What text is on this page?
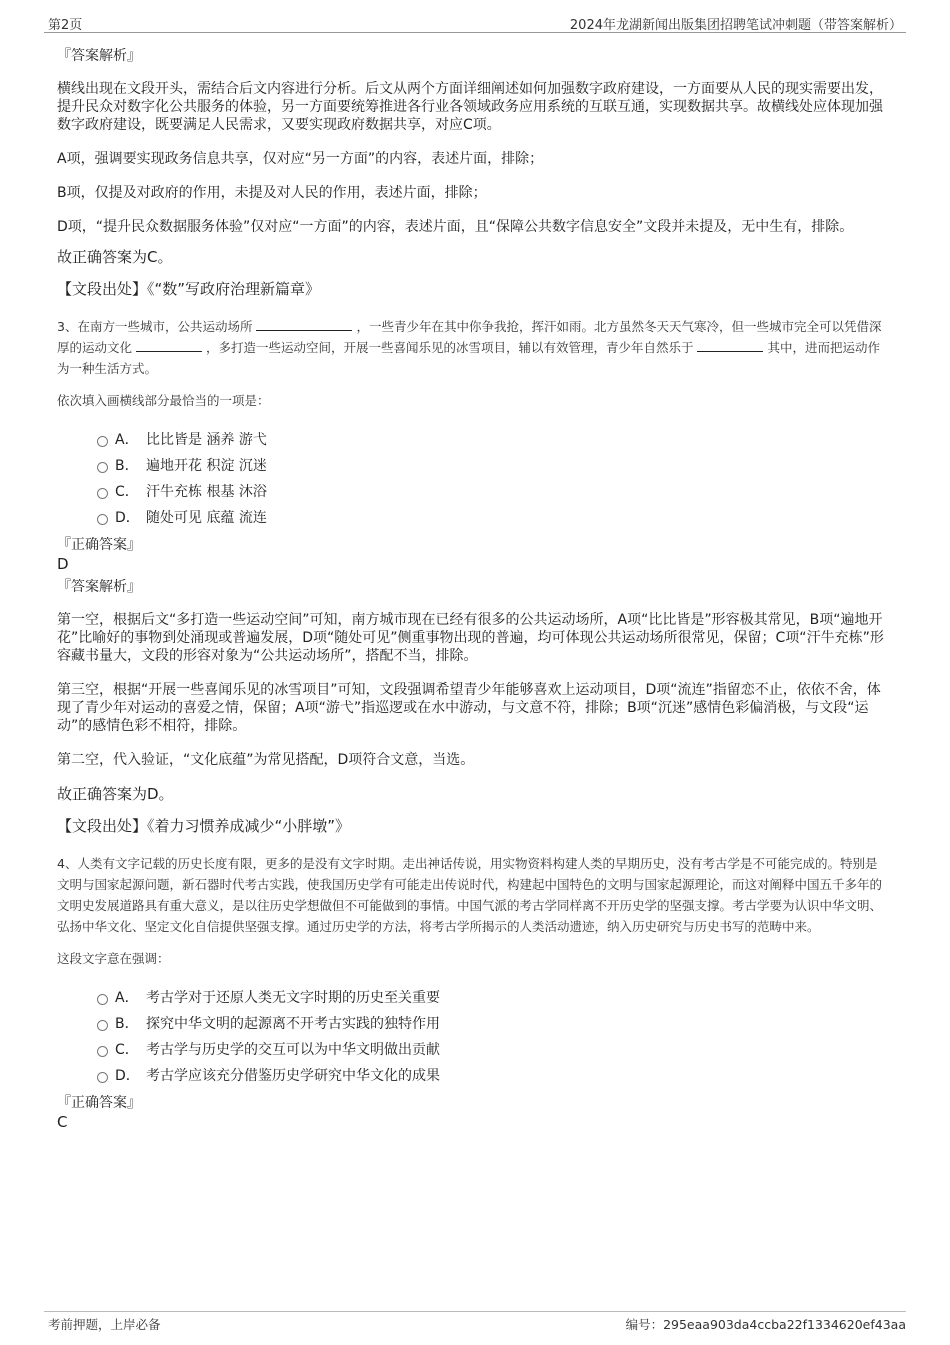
第2页	2024年龙湖新闻出版集团招聘笔试冲刺题（带答案解析）

『答案解析』

横线出现在文段开头，需结合后文内容进行分析。后文从两个方面详细阐述如何加强数字政府建设，一方面要从人民的现实需要出发，提升民众对数字化公共服务的体验，另一方面要统筹推进各行业各领域政务应用系统的互联互通，实现数据共享。故横线处应体现加强数字政府建设，既要满足人民需求，又要实现政府数据共享，对应C项。

A项，强调要实现政务信息共享，仅对应“另一方面”的内容，表述片面，排除；

B项，仅提及对政府的作用，未提及对人民的作用，表述片面，排除；

D项，“提升民众数据服务体验”仅对应“一方面”的内容，表述片面，且“保障公共数字信息安全”文段并未提及，无中生有，排除。

故正确答案为C。

【文段出处】《“数”写政府治理新篇章》

3、在南方一些城市，公共运动场所	，一些青少年在其中你争我抢，挥汗如雨。北方虽然冬天天气寒冷，但一些城市完全可以凭借深厚的运动文化	，多打造一些运动空间，开展一些喜闻乐见的冰雪项目，辅以有效管理，青少年自然乐于	其中，进而把运动作为一种生活方式。

依次填入画横线部分最恰当的一项是：

A． 比比皆是 涵养 游弋
B． 遍地开花 积淀 沉迷
C． 汗牛充栋 根基 沐浴
D． 随处可见 底蕴 流连

『正确答案』

D

『答案解析』

第一空，根据后文“多打造一些运动空间”可知，南方城市现在已经有很多的公共运动场所，A项“比比皆是”形容极其常见，B项“遍地开花”比喻好的事物到处涌现或普遍发展，D项“随处可见”侧重事物出现的普遍，均可体现公共运动场所很常见，保留；C项“汗牛充栋”形容藏书量大，文段的形容对象为“公共运动场所”，搭配不当，排除。

第三空，根据“开展一些喜闻乐见的冰雪项目”可知，文段强调希望青少年能够喜欢上运动项目，D项“流连”指留恋不止，依依不舍，体现了青少年对运动的喜爱之情，保留；A项“游弋”指巡逻或在水中游动，与文意不符，排除；B项“沉迷”感情色彩偏消极，与文段“运动”的感情色彩不相符，排除。

第二空，代入验证，“文化底蕴”为常见搭配，D项符合文意，当选。

故正确答案为D。

【文段出处】《着力习惯养成减少“小胖墩”》

4、人类有文字记载的历史长度有限，更多的是没有文字时期。走出神话传说，用实物资料构建人类的早期历史，没有考古学是不可能完成的。特别是文明与国家起源问题，新石器时代考古实践，使我国历史学有可能走出传说时代，构建起中国特色的文明与国家起源理论，而这对阐释中国五千多年的文明史发展道路具有重大意义，是以往历史学想做但不可能做到的事情。中国气派的考古学同样离不开历史学的坚强支撑。考古学要为认识中华文明、弘扬中华文化、坚定文化自信提供坚强支撑。通过历史学的方法，将考古学所揭示的人类活动遗迹，纳入历史研究与历史书写的范畴中来。

这段文字意在强调：

A． 考古学对于还原人类无文字时期的历史至关重要
B． 探究中华文明的起源离不开考古实践的独特作用
C． 考古学与历史学的交互可以为中华文明做出贡献
D． 考古学应该充分借鉴历史学研究中华文化的成果

『正确答案』

C

考前押题，上岸必备	编号：295eaa903da4ccba22f1334620ef43aa
